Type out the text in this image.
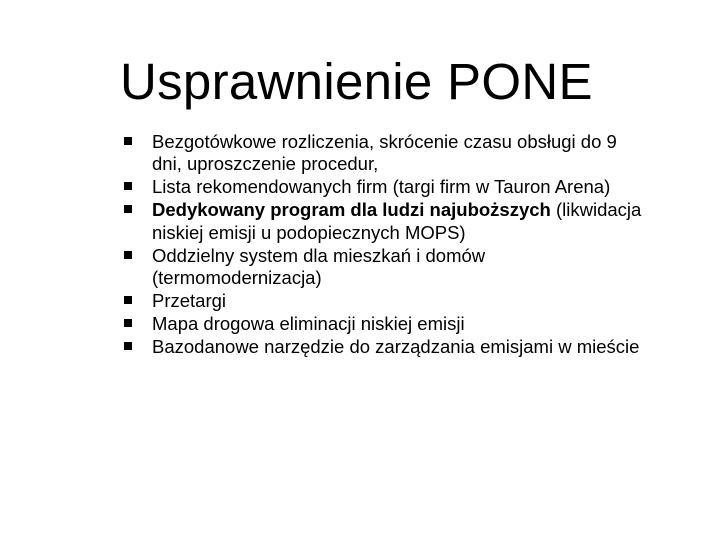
Usprawnienie PONE
Bezgotówkowe rozliczenia, skrócenie czasu obsługi do 9 dni, uproszczenie procedur,
Lista rekomendowanych firm (targi firm w Tauron Arena)
Dedykowany program dla ludzi najuboższych (likwidacja niskiej emisji u podopiecznych MOPS)
Oddzielny system dla mieszkań i domów (termomodernizacja)
Przetargi
Mapa drogowa eliminacji niskiej emisji
Bazodanowe narzędzie do zarządzania emisjami w mieście
